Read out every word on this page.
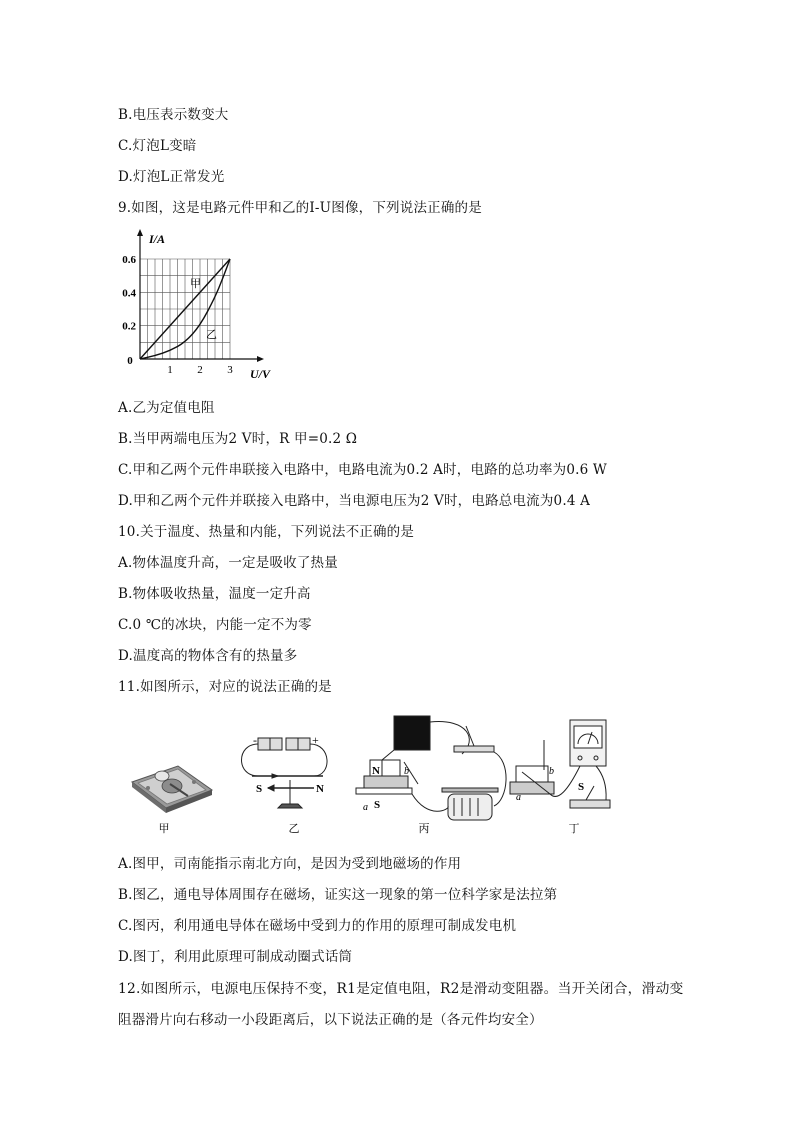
B.电压表示数变大
C.灯泡L变暗
D.灯泡L正常发光
9.如图，这是电路元件甲和乙的I-U图像，下列说法正确的是
I/A
U/V
0
1 2 3
0.2
0.4
0.6
甲
乙
A.乙为定值电阻
B.当甲两端电压为2 V时，R 甲=0.2 Ω
C.甲和乙两个元件串联接入电路中，电路电流为0.2 A时，电路的总功率为0.6 W
D.甲和乙两个元件并联接入电路中，当电源电压为2 V时，电路总电流为0.4 A
10.关于温度、热量和内能，下列说法不正确的是
A.物体温度升高，一定是吸收了热量
B.物体吸收热量，温度一定升高
C.0 ℃的冰块，内能一定不为零
D.温度高的物体含有的热量多
11.如图所示，对应的说法正确的是
甲
-	+
S	N
乙
N
S
a
b
丙
a
b
S
丁
A.图甲，司南能指示南北方向，是因为受到地磁场的作用
B.图乙，通电导体周围存在磁场，证实这一现象的第一位科学家是法拉第
C.图丙，利用通电导体在磁场中受到力的作用的原理可制成发电机
D.图丁，利用此原理可制成动圈式话筒
12.如图所示，电源电压保持不变，R1是定值电阻，R2是滑动变阻器。当开关闭合，滑动变
阻器滑片向右移动一小段距离后，以下说法正确的是（各元件均安全）
